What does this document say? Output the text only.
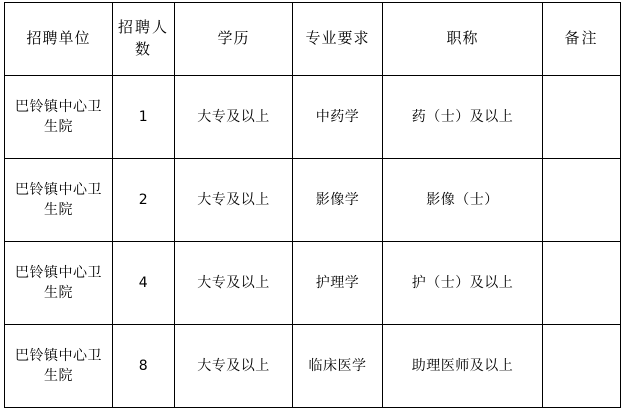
招聘单位	招聘人数	学历	专业要求	职称	备注
巴铃镇中心卫生院	1	大专及以上	中药学	药（士）及以上	
巴铃镇中心卫生院	2	大专及以上	影像学	影像（士）	
巴铃镇中心卫生院	4	大专及以上	护理学	护（士）及以上	
巴铃镇中心卫生院	8	大专及以上	临床医学	助理医师及以上	
